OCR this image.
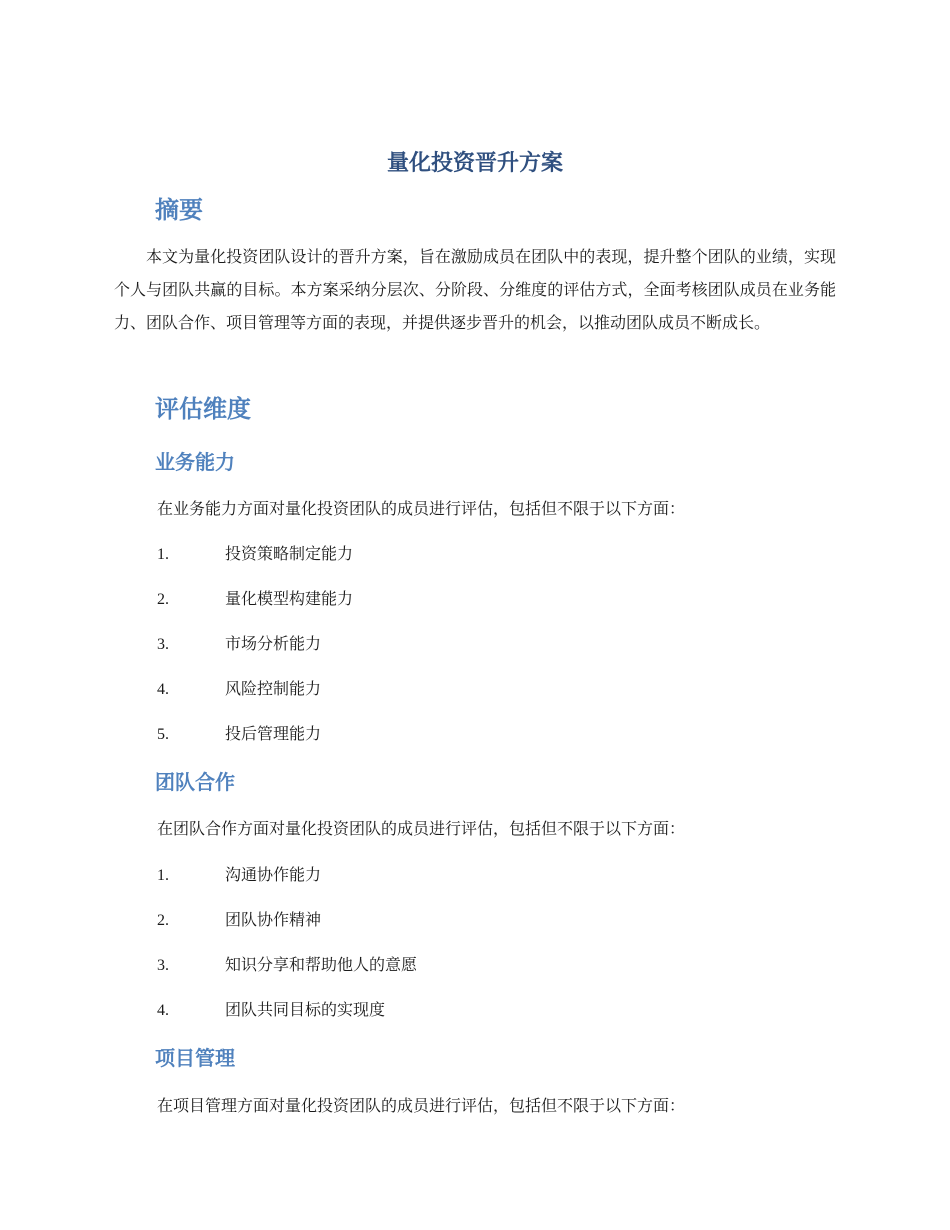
量化投资晋升方案
摘要

本文为量化投资团队设计的晋升方案，旨在激励成员在团队中的表现，提升整个团队的业绩，实现个人与团队共赢的目标。本方案采纳分层次、分阶段、分维度的评估方式，全面考核团队成员在业务能力、团队合作、项目管理等方面的表现，并提供逐步晋升的机会，以推动团队成员不断成长。

评估维度
业务能力

在业务能力方面对量化投资团队的成员进行评估，包括但不限于以下方面：

1.	投资策略制定能力
2.	量化模型构建能力
3.	市场分析能力
4.	风险控制能力
5.	投后管理能力
团队合作

在团队合作方面对量化投资团队的成员进行评估，包括但不限于以下方面：

1.	沟通协作能力
2.	团队协作精神
3.	知识分享和帮助他人的意愿
4.	团队共同目标的实现度
项目管理

在项目管理方面对量化投资团队的成员进行评估，包括但不限于以下方面：
